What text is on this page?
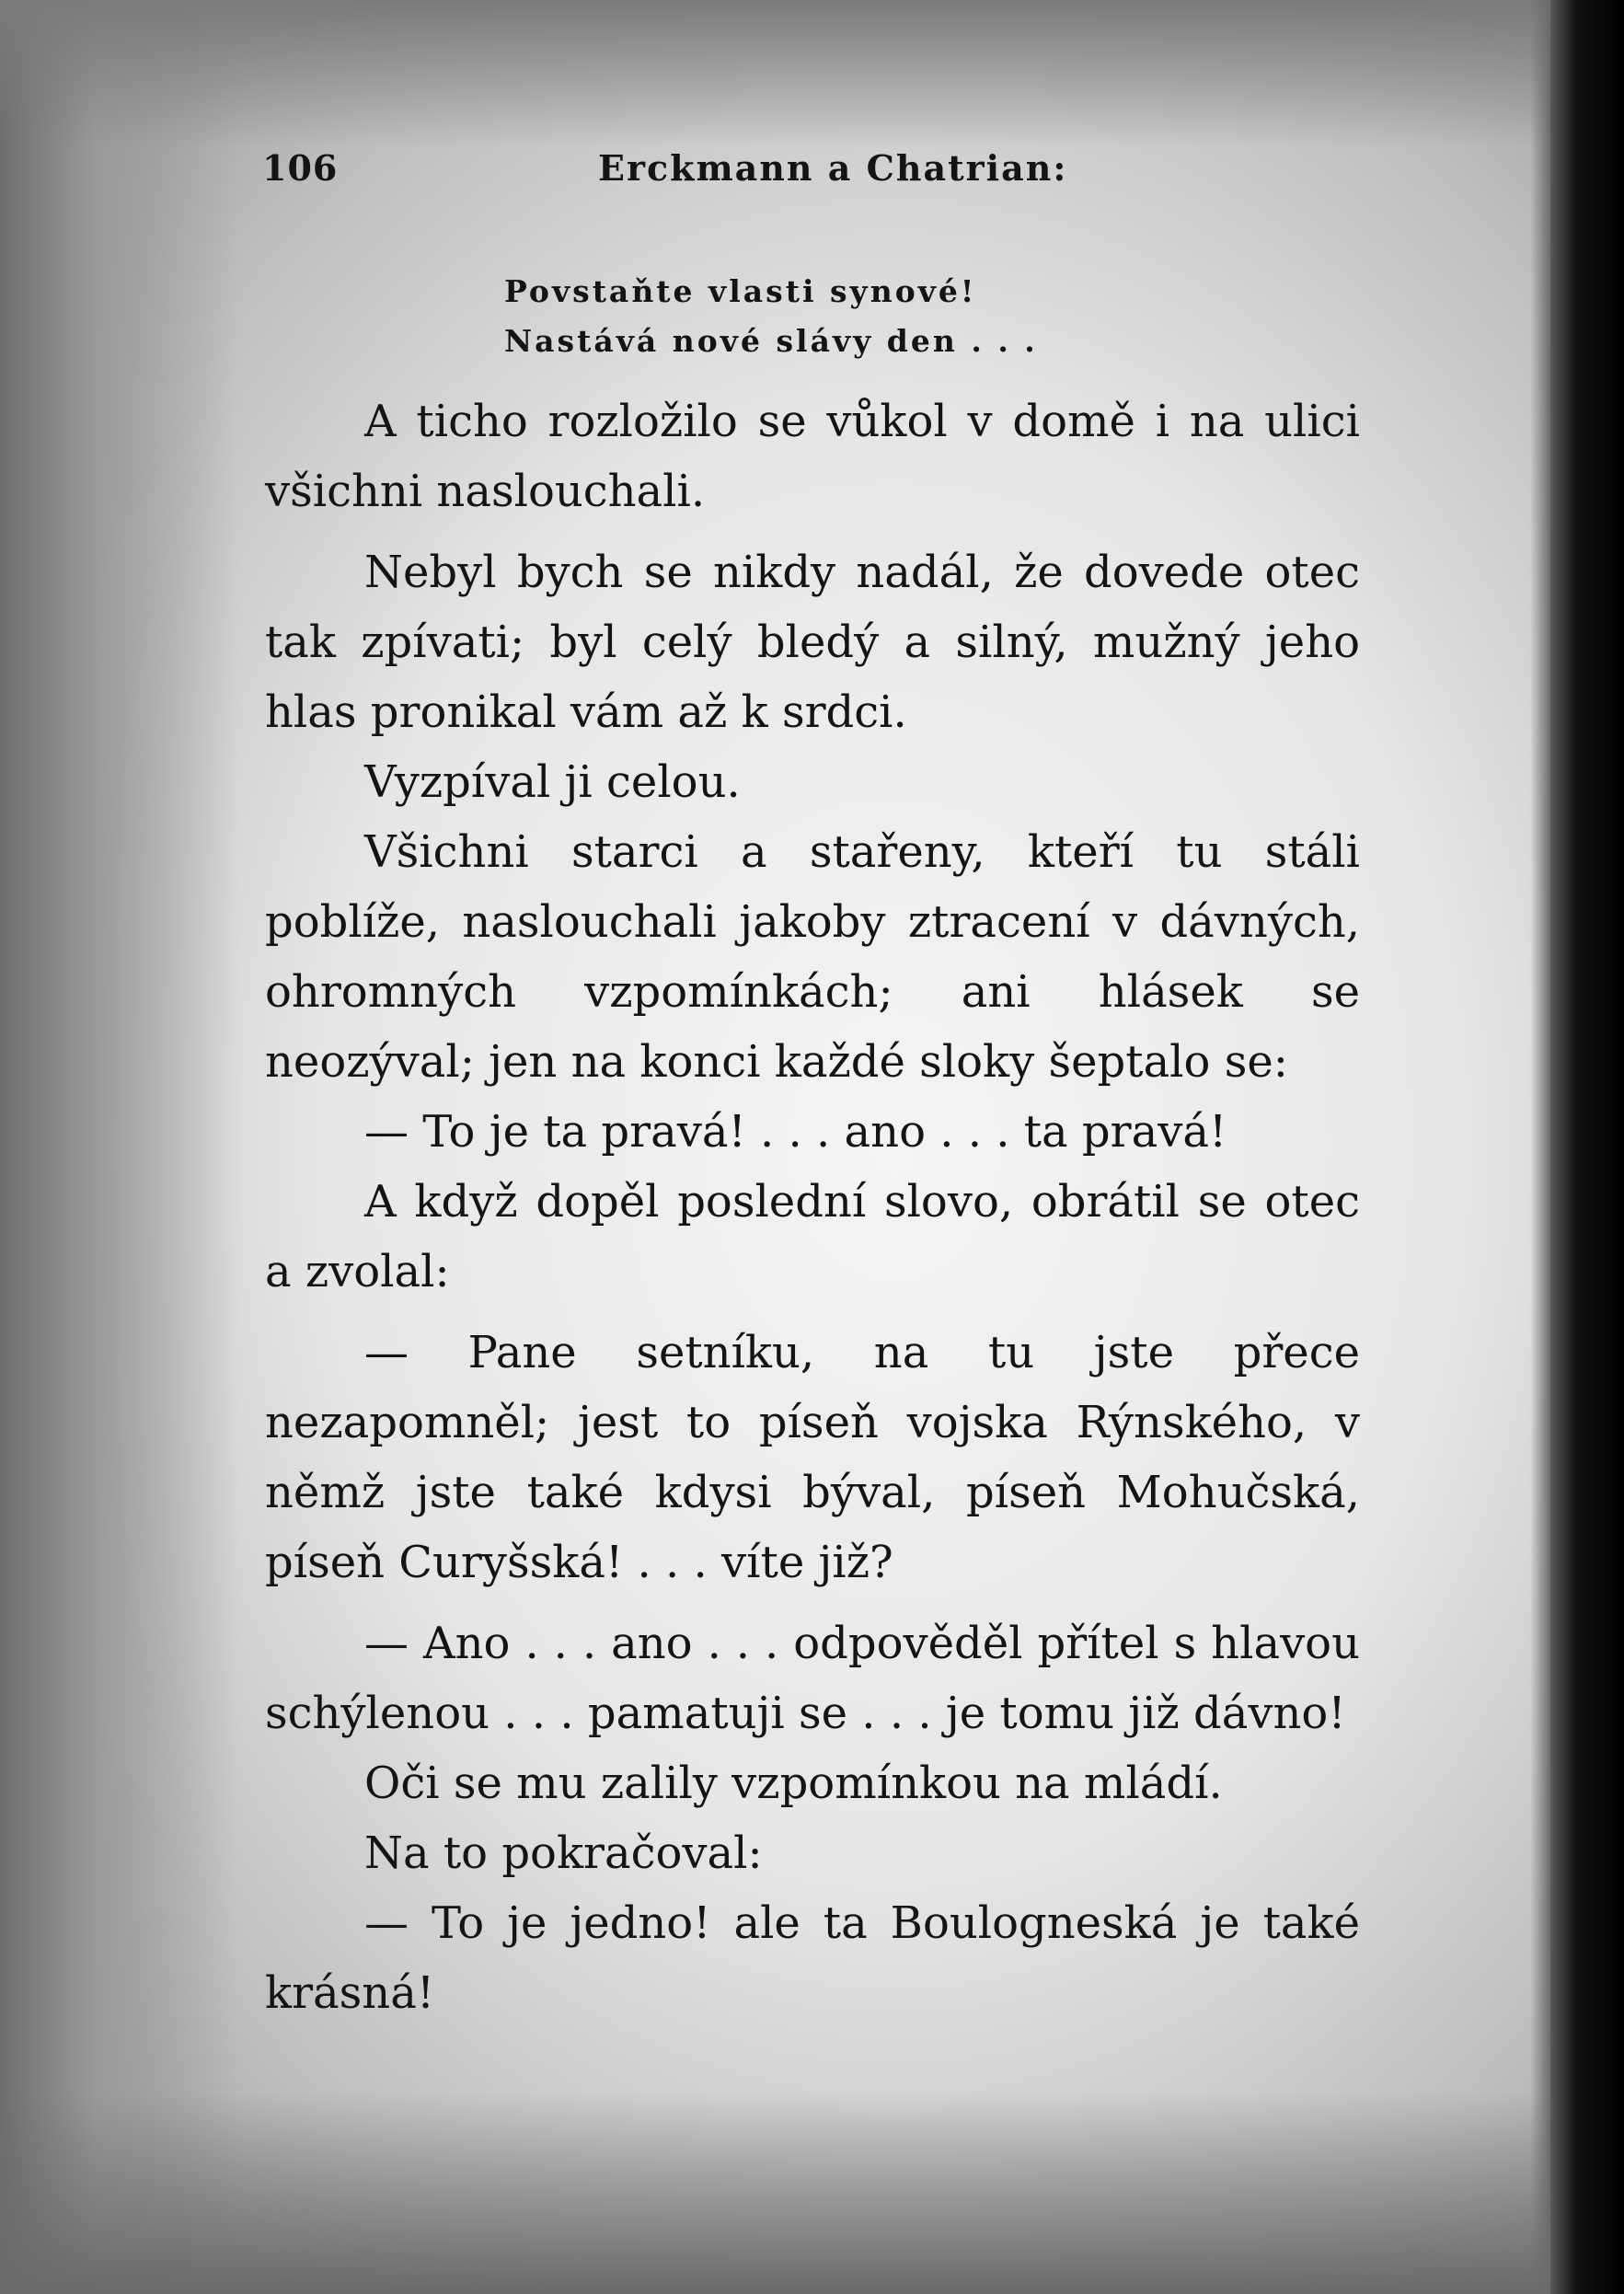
106	Erckmann a Chatrian:
Povstaňte vlasti synové!
Nastává nové slávy den . . .

A ticho rozložilo se vůkol v domě i na ulici všichni naslouchali.

Nebyl bych se nikdy nadál, že dovede otec tak zpívati; byl celý bledý a silný, mužný jeho hlas pronikal vám až k srdci.

Vyzpíval ji celou.

Všichni starci a stařeny, kteří tu stáli poblíže, naslouchali jakoby ztracení v dávných, ohromných vzpomínkách; ani hlásek se neozýval; jen na konci každé sloky šeptalo se:

— To je ta pravá! . . . ano . . . ta pravá!

A když dopěl poslední slovo, obrátil se otec a zvolal:

— Pane setníku, na tu jste přece nezapomněl; jest to píseň vojska Rýnského, v němž jste také kdysi býval, píseň Mohučská, píseň Curyšská! . . . víte již?

— Ano . . . ano . . . odpověděl přítel s hlavou schýlenou . . . pamatuji se . . . je tomu již dávno!

Oči se mu zalily vzpomínkou na mládí.

Na to pokračoval:

— To je jedno! ale ta Boulogneská je také krásná!
